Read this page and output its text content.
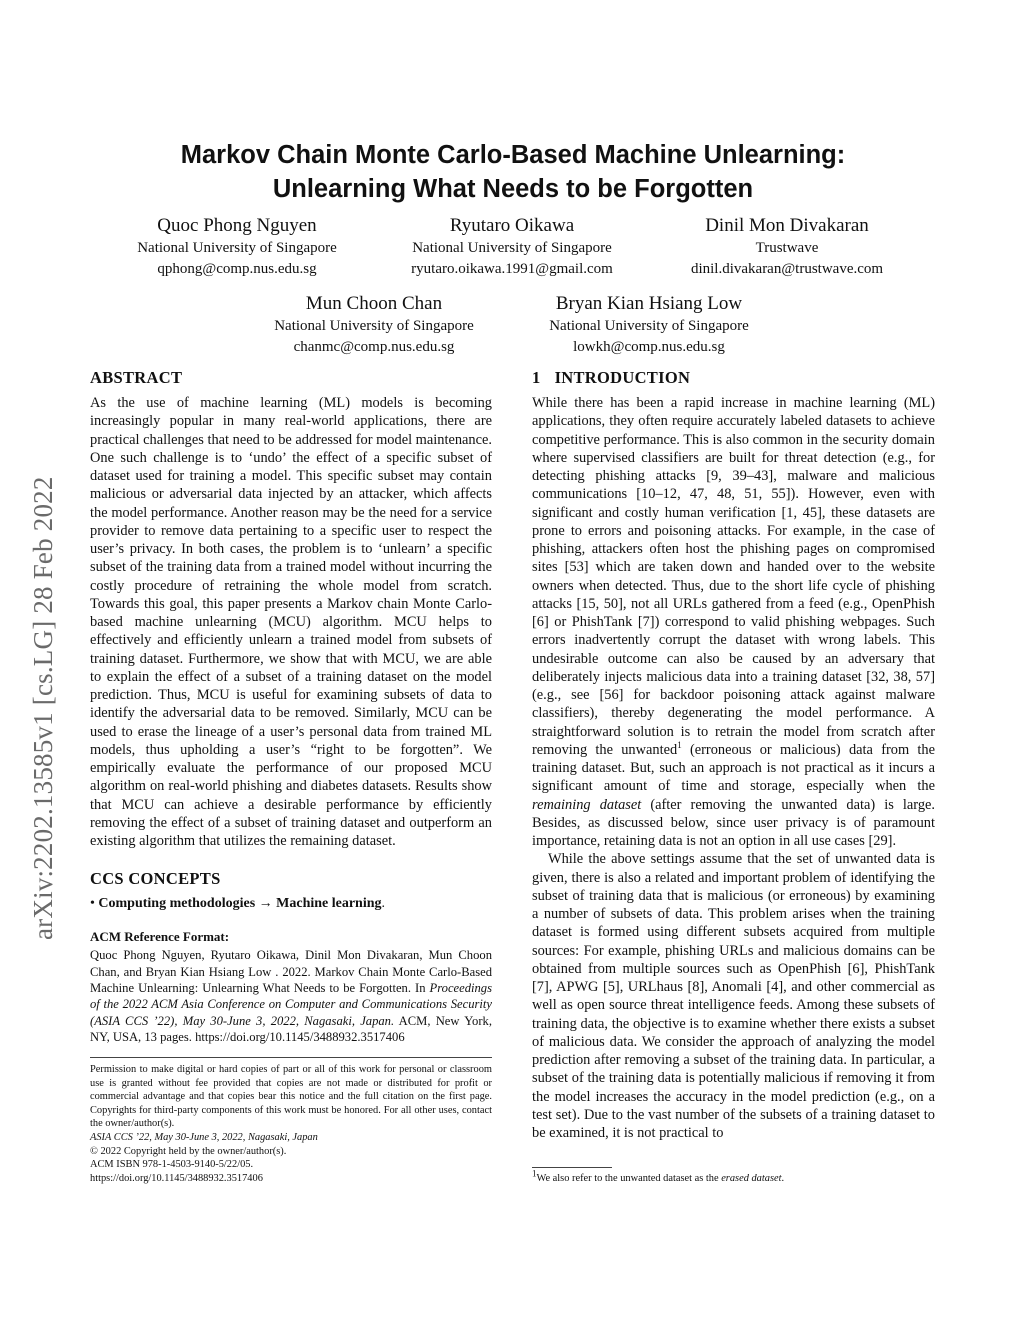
arXiv:2202.13585v1 [cs.LG] 28 Feb 2022
Markov Chain Monte Carlo-Based Machine Unlearning:
Unlearning What Needs to be Forgotten
Quoc Phong Nguyen
National University of Singapore
qphong@comp.nus.edu.sg
Ryutaro Oikawa
National University of Singapore
ryutaro.oikawa.1991@gmail.com
Dinil Mon Divakaran
Trustwave
dinil.divakaran@trustwave.com
Mun Choon Chan
National University of Singapore
chanmc@comp.nus.edu.sg
Bryan Kian Hsiang Low
National University of Singapore
lowkh@comp.nus.edu.sg
ABSTRACT

As the use of machine learning (ML) models is becoming increasingly popular in many real-world applications, there are practical challenges that need to be addressed for model maintenance. One such challenge is to ‘undo’ the effect of a specific subset of dataset used for training a model. This specific subset may contain malicious or adversarial data injected by an attacker, which affects the model performance. Another reason may be the need for a service provider to remove data pertaining to a specific user to respect the user’s privacy. In both cases, the problem is to ‘unlearn’ a specific subset of the training data from a trained model without incurring the costly procedure of retraining the whole model from scratch. Towards this goal, this paper presents a Markov chain Monte Carlo-based machine unlearning (MCU) algorithm. MCU helps to effectively and efficiently unlearn a trained model from subsets of training dataset. Furthermore, we show that with MCU, we are able to explain the effect of a subset of a training dataset on the model prediction. Thus, MCU is useful for examining subsets of data to identify the adversarial data to be removed. Similarly, MCU can be used to erase the lineage of a user’s personal data from trained ML models, thus upholding a user’s “right to be forgotten”. We empirically evaluate the performance of our proposed MCU algorithm on real-world phishing and diabetes datasets. Results show that MCU can achieve a desirable performance by efficiently removing the effect of a subset of training dataset and outperform an existing algorithm that utilizes the remaining dataset.

CCS CONCEPTS

• Computing methodologies → Machine learning.

ACM Reference Format:

Quoc Phong Nguyen, Ryutaro Oikawa, Dinil Mon Divakaran, Mun Choon Chan, and Bryan Kian Hsiang Low . 2022. Markov Chain Monte Carlo-Based Machine Unlearning: Unlearning What Needs to be Forgotten. In Proceedings of the 2022 ACM Asia Conference on Computer and Communications Security (ASIA CCS ’22), May 30-June 3, 2022, Nagasaki, Japan. ACM, New York, NY, USA, 13 pages. https://doi.org/10.1145/3488932.3517406

Permission to make digital or hard copies of part or all of this work for personal or classroom use is granted without fee provided that copies are not made or distributed for profit or commercial advantage and that copies bear this notice and the full citation on the first page. Copyrights for third-party components of this work must be honored. For all other uses, contact the owner/author(s).

ASIA CCS ’22, May 30-June 3, 2022, Nagasaki, Japan
© 2022 Copyright held by the owner/author(s).
ACM ISBN 978-1-4503-9140-5/22/05.
https://doi.org/10.1145/3488932.3517406
1 INTRODUCTION

While there has been a rapid increase in machine learning (ML) applications, they often require accurately labeled datasets to achieve competitive performance. This is also common in the security domain where supervised classifiers are built for threat detection (e.g., for detecting phishing attacks [9, 39–43], malware and malicious communications [10–12, 47, 48, 51, 55]). However, even with significant and costly human verification [1, 45], these datasets are prone to errors and poisoning attacks. For example, in the case of phishing, attackers often host the phishing pages on compromised sites [53] which are taken down and handed over to the website owners when detected. Thus, due to the short life cycle of phishing attacks [15, 50], not all URLs gathered from a feed (e.g., OpenPhish [6] or PhishTank [7]) correspond to valid phishing webpages. Such errors inadvertently corrupt the dataset with wrong labels. This undesirable outcome can also be caused by an adversary that deliberately injects malicious data into a training dataset [32, 38, 57] (e.g., see [56] for backdoor poisoning attack against malware classifiers), thereby degenerating the model performance. A straightforward solution is to retrain the model from scratch after removing the unwanted$^1$ (erroneous or malicious) data from the training dataset. But, such an approach is not practical as it incurs a significant amount of time and storage, especially when the remaining dataset (after removing the unwanted data) is large. Besides, as discussed below, since user privacy is of paramount importance, retaining data is not an option in all use cases [29].

While the above settings assume that the set of unwanted data is given, there is also a related and important problem of identifying the subset of training data that is malicious (or erroneous) by examining a number of subsets of data. This problem arises when the training dataset is formed using different subsets acquired from multiple sources: For example, phishing URLs and malicious domains can be obtained from multiple sources such as OpenPhish [6], PhishTank [7], APWG [5], URLhaus [8], Anomali [4], and other commercial as well as open source threat intelligence feeds. Among these subsets of training data, the objective is to examine whether there exists a subset of malicious data. We consider the approach of analyzing the model prediction after removing a subset of the training data. In particular, a subset of the training data is potentially malicious if removing it from the model increases the accuracy in the model prediction (e.g., on a test set). Due to the vast number of the subsets of a training dataset to be examined, it is not practical to

$^1$We also refer to the unwanted dataset as the erased dataset.
